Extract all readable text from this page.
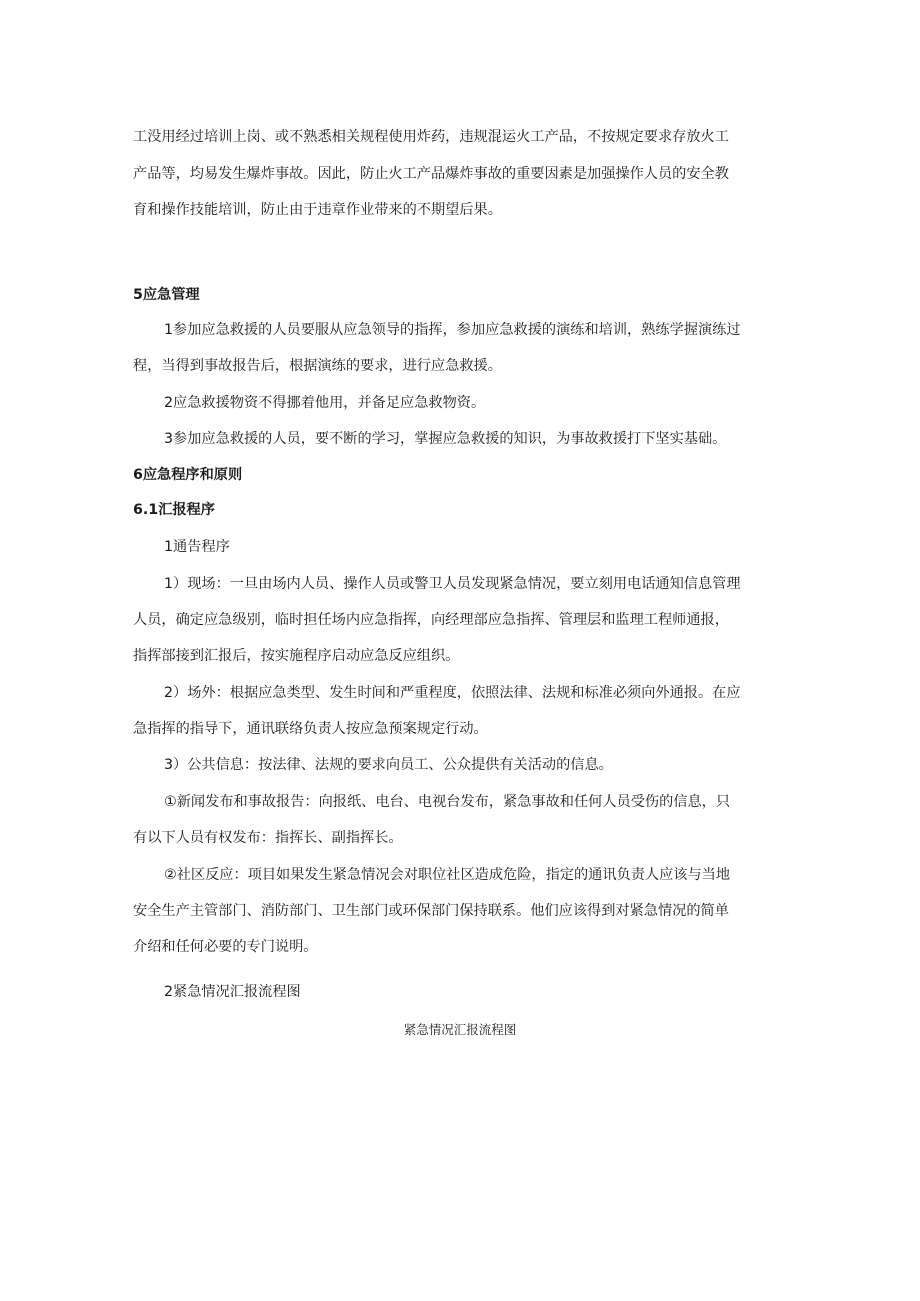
工没用经过培训上岗、或不熟悉相关规程使用炸药，违规混运火工产品，不按规定要求存放火工

产品等，均易发生爆炸事故。因此，防止火工产品爆炸事故的重要因素是加强操作人员的安全教

育和操作技能培训，防止由于违章作业带来的不期望后果。

5应急管理

1参加应急救援的人员要服从应急领导的指挥，参加应急救援的演练和培训，熟练学握演练过

程，当得到事故报告后，根据演练的要求，进行应急救援。

2应急救援物资不得挪着他用，并备足应急救物资。

3参加应急救援的人员，要不断的学习，掌握应急救援的知识，为事故救援打下坚实基础。

6应急程序和原则

6.1汇报程序

1通告程序

1）现场：一旦由场内人员、操作人员或警卫人员发现紧急情况，要立刻用电话通知信息管理

人员，确定应急级别，临时担任场内应急指挥，向经理部应急指挥、管理层和监理工程师通报，

指挥部接到汇报后，按实施程序启动应急反应组织。

2）场外：根据应急类型、发生时间和严重程度，依照法律、法规和标准必须向外通报。在应

急指挥的指导下，通讯联络负责人按应急预案规定行动。

3）公共信息：按法律、法规的要求向员工、公众提供有关活动的信息。

①新闻发布和事故报告：向报纸、电台、电视台发布，紧急事故和任何人员受伤的信息，只

有以下人员有权发布：指挥长、副指挥长。

②社区反应：项目如果发生紧急情况会对职位社区造成危险，指定的通讯负责人应该与当地

安全生产主管部门、消防部门、卫生部门或环保部门保持联系。他们应该得到对紧急情况的简单

介绍和任何必要的专门说明。

2紧急情况汇报流程图

紧急情况汇报流程图
